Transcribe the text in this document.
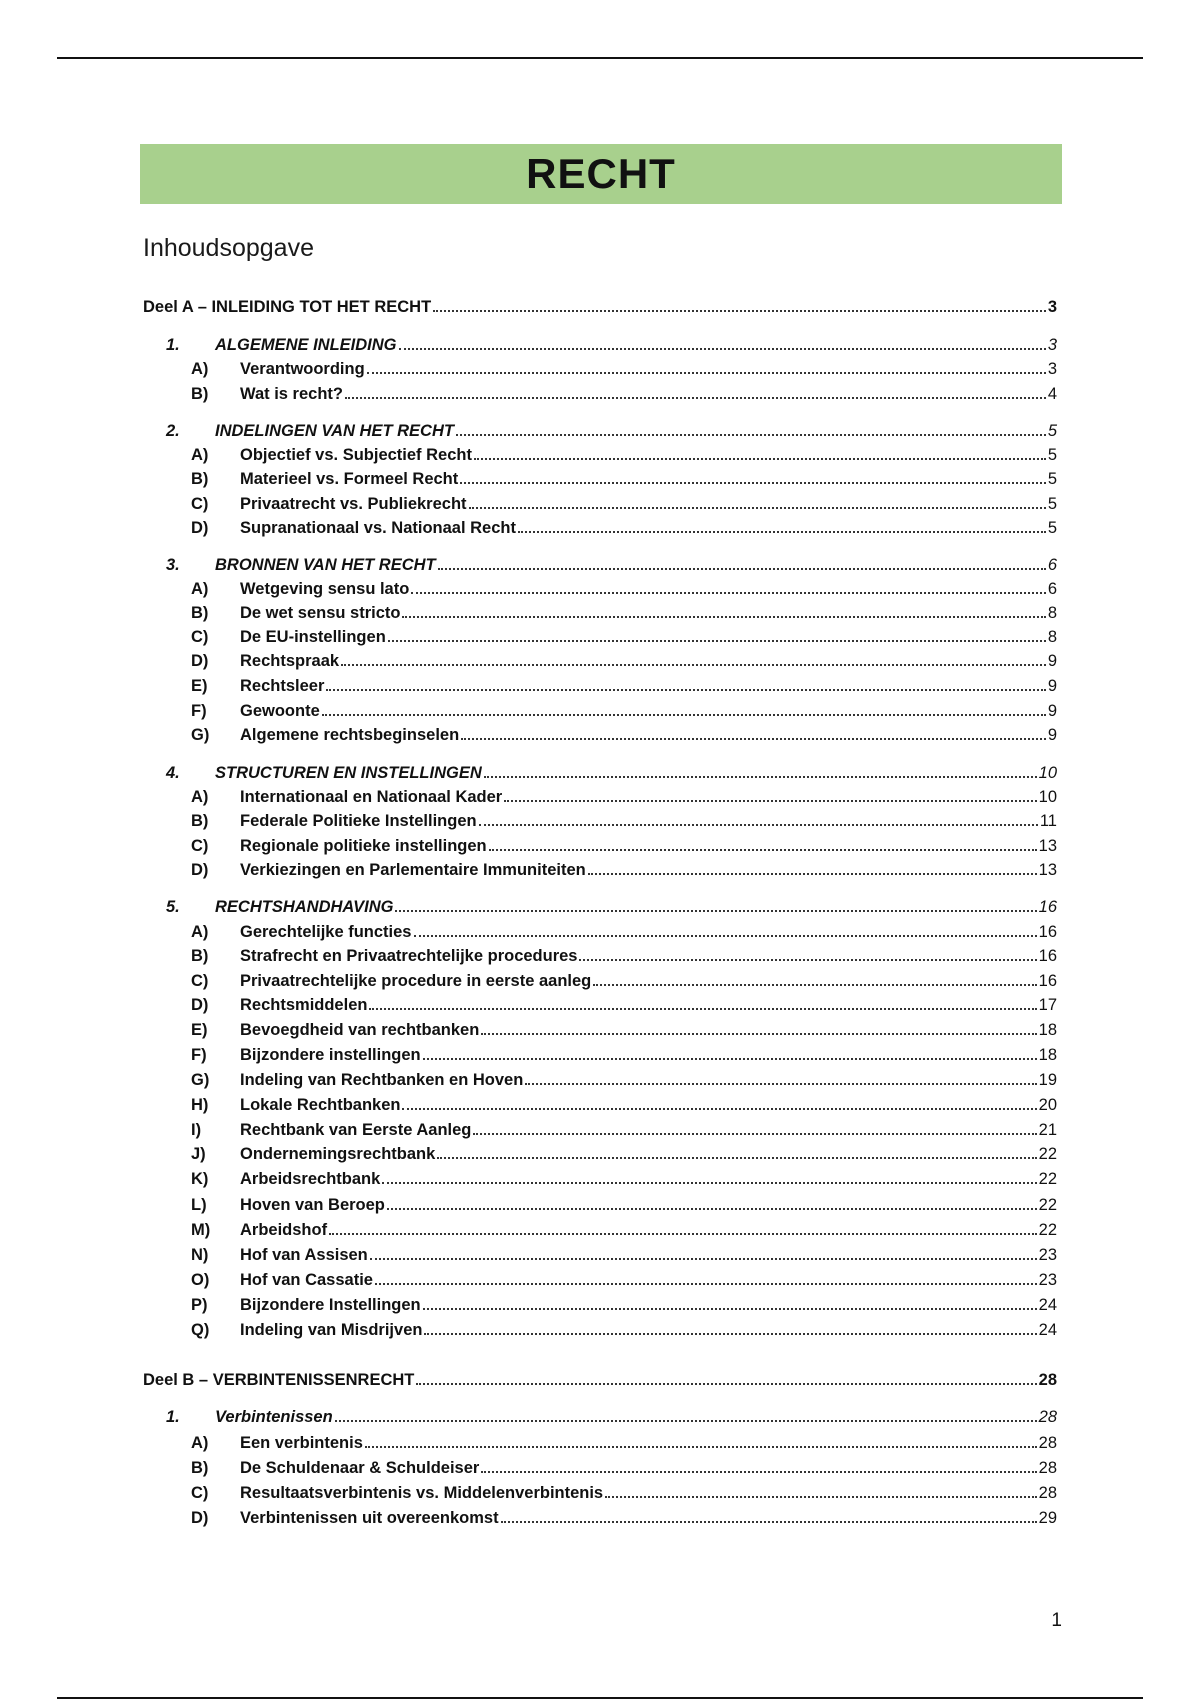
RECHT
Inhoudsopgave
Deel A – INLEIDING TOT HET RECHT	3
1.	ALGEMENE INLEIDING	3
A)	Verantwoording	3
B)	Wat is recht?	4
2.	INDELINGEN VAN HET RECHT	5
A)	Objectief vs. Subjectief Recht	5
B)	Materieel vs. Formeel Recht	5
C)	Privaatrecht vs. Publiekrecht	5
D)	Supranationaal vs. Nationaal Recht	5
3.	BRONNEN VAN HET RECHT	6
A)	Wetgeving sensu lato	6
B)	De wet sensu stricto	8
C)	De EU-instellingen	8
D)	Rechtspraak	9
E)	Rechtsleer	9
F)	Gewoonte	9
G)	Algemene rechtsbeginselen	9
4.	STRUCTUREN EN INSTELLINGEN	10
A)	Internationaal en Nationaal Kader	10
B)	Federale Politieke Instellingen	11
C)	Regionale politieke instellingen	13
D)	Verkiezingen en Parlementaire Immuniteiten	13
5.	RECHTSHANDHAVING	16
A)	Gerechtelijke functies	16
B)	Strafrecht en Privaatrechtelijke procedures	16
C)	Privaatrechtelijke procedure in eerste aanleg	16
D)	Rechtsmiddelen	17
E)	Bevoegdheid van rechtbanken	18
F)	Bijzondere instellingen	18
G)	Indeling van Rechtbanken en Hoven	19
H)	Lokale Rechtbanken	20
I)	Rechtbank van Eerste Aanleg	21
J)	Ondernemingsrechtbank	22
K)	Arbeidsrechtbank	22
L)	Hoven van Beroep	22
M)	Arbeidshof	22
N)	Hof van Assisen	23
O)	Hof van Cassatie	23
P)	Bijzondere Instellingen	24
Q)	Indeling van Misdrijven	24
Deel B – VERBINTENISSENRECHT	28
1.	Verbintenissen	28
A)	Een verbintenis	28
B)	De Schuldenaar & Schuldeiser	28
C)	Resultaatsverbintenis vs. Middelenverbintenis	28
D)	Verbintenissen uit overeenkomst	29
1
